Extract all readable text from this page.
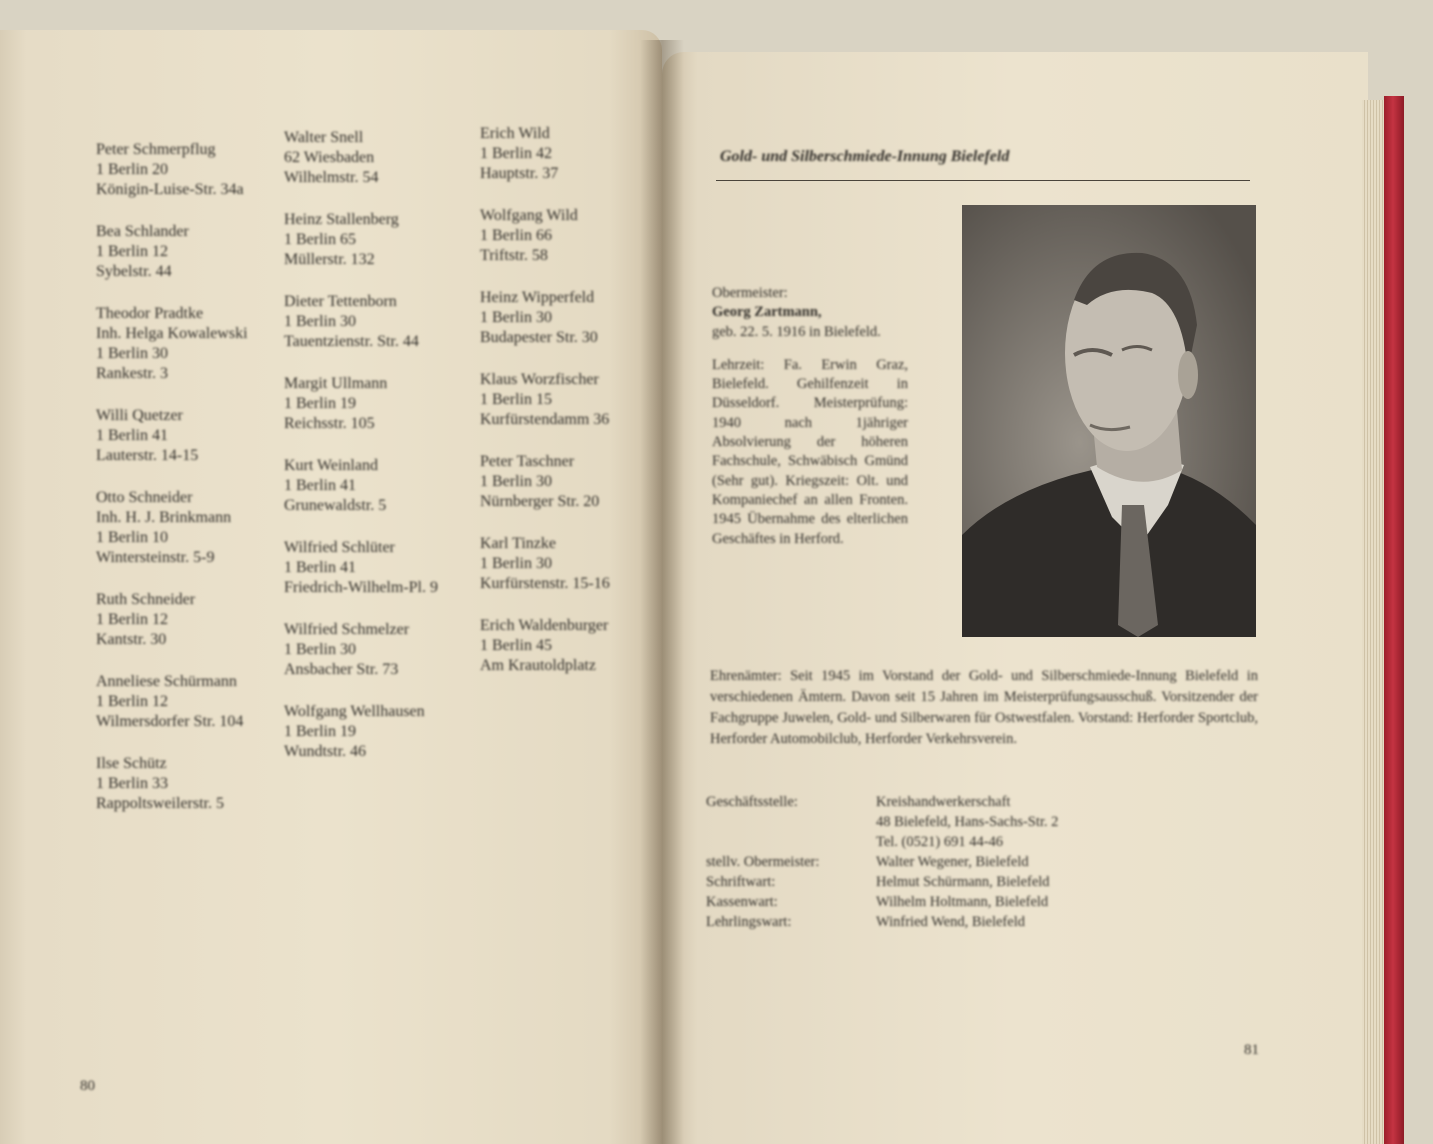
Peter Schmerpflug
1 Berlin 20
Königin-Luise-Str. 34a
Bea Schlander
1 Berlin 12
Sybelstr. 44
Theodor Pradtke
Inh. Helga Kowalewski
1 Berlin 30
Rankestr. 3
Willi Quetzer
1 Berlin 41
Lauterstr. 14-15
Otto Schneider
Inh. H. J. Brinkmann
1 Berlin 10
Wintersteinstr. 5-9
Ruth Schneider
1 Berlin 12
Kantstr. 30
Anneliese Schürmann
1 Berlin 12
Wilmersdorfer Str. 104
Ilse Schütz
1 Berlin 33
Rappoltsweilerstr. 5
Walter Snell
62 Wiesbaden
Wilhelmstr. 54
Heinz Stallenberg
1 Berlin 65
Müllerstr. 132
Dieter Tettenborn
1 Berlin 30
Tauentzienstr. Str. 44
Margit Ullmann
1 Berlin 19
Reichsstr. 105
Kurt Weinland
1 Berlin 41
Grunewaldstr. 5
Wilfried Schlüter
1 Berlin 41
Friedrich-Wilhelm-Pl. 9
Wilfried Schmelzer
1 Berlin 30
Ansbacher Str. 73
Wolfgang Wellhausen
1 Berlin 19
Wundtstr. 46
Erich Wild
1 Berlin 42
Hauptstr. 37
Wolfgang Wild
1 Berlin 66
Triftstr. 58
Heinz Wipperfeld
1 Berlin 30
Budapester Str. 30
Klaus Worzfischer
1 Berlin 15
Kurfürstendamm 36
Peter Taschner
1 Berlin 30
Nürnberger Str. 20
Karl Tinzke
1 Berlin 30
Kurfürstenstr. 15-16
Erich Waldenburger
1 Berlin 45
Am Krautoldplatz
80
Gold- und Silberschmiede-Innung Bielefeld
Obermeister:
Georg Zartmann,

geb. 22. 5. 1916 in Bielefeld.

Lehrzeit: Fa. Erwin Graz, Bielefeld. Gehilfenzeit in Düsseldorf. Meisterprüfung: 1940 nach 1jähriger Absolvierung der höheren Fachschule, Schwäbisch Gmünd (Sehr gut). Kriegszeit: Olt. und Kompaniechef an allen Fronten. 1945 Übernahme des elterlichen Geschäftes in Herford.

Ehrenämter: Seit 1945 im Vorstand der Gold- und Silberschmiede-Innung Bielefeld in verschiedenen Ämtern. Davon seit 15 Jahren im Meisterprüfungsausschuß. Vorsitzender der Fachgruppe Juwelen, Gold- und Silberwaren für Ostwestfalen. Vorstand: Herforder Sportclub, Herforder Automobilclub, Herforder Verkehrsverein.
Geschäftsstelle:	Kreishandwerkerschaft
48 Bielefeld, Hans-Sachs-Str. 2
Tel. (0521) 691 44-46
stellv. Obermeister:	Walter Wegener, Bielefeld
Schriftwart:	Helmut Schürmann, Bielefeld
Kassenwart:	Wilhelm Holtmann, Bielefeld
Lehrlingswart:	Winfried Wend, Bielefeld
81
